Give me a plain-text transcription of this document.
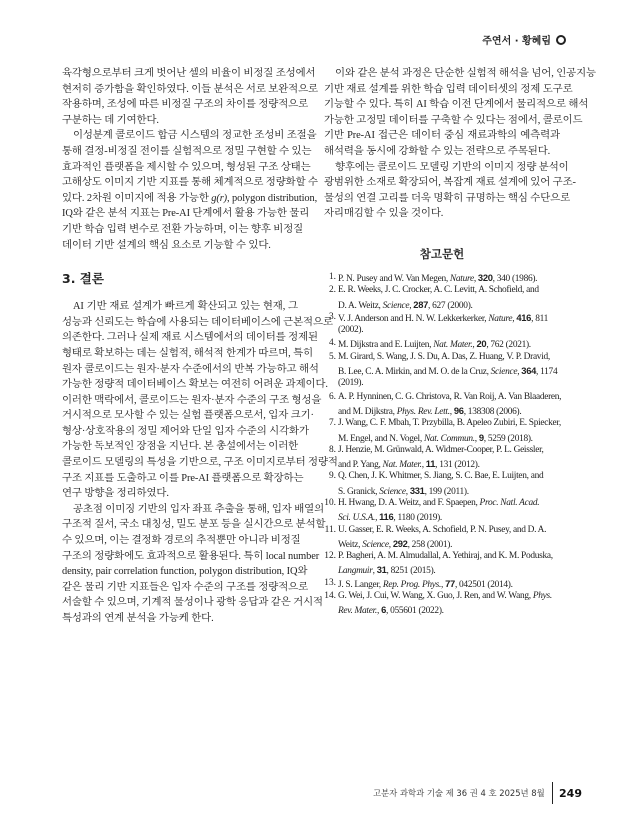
주연서 · 황혜림
육각형으로부터 크게 벗어난 셀의 비율이 비정질 조성에서
현저히 증가함을 확인하였다. 이들 분석은 서로 보완적으로
작용하며, 조성에 따른 비정질 구조의 차이를 정량적으로
구분하는 데 기여한다.
이성분계 콜로이드 합금 시스템의 정교한 조성비 조절을
통해 결정-비정질 전이를 실험적으로 정밀 구현할 수 있는
효과적인 플랫폼을 제시할 수 있으며, 형성된 구조 상태는
고해상도 이미지 기반 지표를 통해 체계적으로 정량화할 수
있다. 2차원 이미지에 적용 가능한 g(r), polygon distribution,
IQ와 같은 분석 지표는 Pre-AI 단계에서 활용 가능한 물리
기반 학습 입력 변수로 전환 가능하며, 이는 향후 비정질
데이터 기반 설계의 핵심 요소로 기능할 수 있다.
3. 결론
AI 기반 재료 설계가 빠르게 확산되고 있는 현재, 그
성능과 신뢰도는 학습에 사용되는 데이터베이스에 근본적으로
의존한다. 그러나 실제 재료 시스템에서의 데이터를 정제된
형태로 확보하는 데는 실험적, 해석적 한계가 따르며, 특히
원자 콜로이드는 원자·분자 수준에서의 반복 가능하고 해석
가능한 정량적 데이터베이스 확보는 여전히 어려운 과제이다.
이러한 맥락에서, 콜로이드는 원자·분자 수준의 구조 형성을
거시적으로 모사할 수 있는 실험 플랫폼으로서, 입자 크기·
형상·상호작용의 정밀 제어와 단일 입자 수준의 시각화가
가능한 독보적인 장점을 지닌다. 본 총설에서는 이러한
콜로이드 모델링의 특성을 기반으로, 구조 이미지로부터 정량적
구조 지표를 도출하고 이를 Pre-AI 플랫폼으로 확장하는
연구 방향을 정리하였다.
공초점 이미징 기반의 입자 좌표 추출을 통해, 입자 배열의
구조적 질서, 국소 대칭성, 밀도 분포 등을 실시간으로 분석할
수 있으며, 이는 결정화 경로의 추적뿐만 아니라 비정질
구조의 정량화에도 효과적으로 활용된다. 특히 local number
density, pair correlation function, polygon distribution, IQ와
같은 물리 기반 지표들은 입자 수준의 구조를 정량적으로
서술할 수 있으며, 기계적 물성이나 광학 응답과 같은 거시적
특성과의 연계 분석을 가능케 한다.
이와 같은 분석 과정은 단순한 실험적 해석을 넘어, 인공지능
기반 재료 설계를 위한 학습 입력 데이터셋의 정제 도구로
기능할 수 있다. 특히 AI 학습 이전 단계에서 물리적으로 해석
가능한 고정밀 데이터를 구축할 수 있다는 점에서, 콜로이드
기반 Pre-AI 접근은 데이터 중심 재료과학의 예측력과
해석력을 동시에 강화할 수 있는 전략으로 주목된다.
향후에는 콜로이드 모델링 기반의 이미지 정량 분석이
광범위한 소재로 확장되어, 복잡계 재료 설계에 있어 구조-
물성의 연결 고리를 더욱 명확히 규명하는 핵심 수단으로
자리매김할 수 있을 것이다.
참고문헌
1. P. N. Pusey and W. Van Megen, Nature, 320, 340 (1986).
2. E. R. Weeks, J. C. Crocker, A. C. Levitt, A. Schofield, and
D. A. Weitz, Science, 287, 627 (2000).
3. V. J. Anderson and H. N. W. Lekkerkerker, Nature, 416, 811
(2002).
4. M. Dijkstra and E. Luijten, Nat. Mater., 20, 762 (2021).
5. M. Girard, S. Wang, J. S. Du, A. Das, Z. Huang, V. P. Dravid,
B. Lee, C. A. Mirkin, and M. O. de la Cruz, Science, 364, 1174
(2019).
6. A. P. Hynninen, C. G. Christova, R. Van Roij, A. Van Blaaderen,
and M. Dijkstra, Phys. Rev. Lett., 96, 138308 (2006).
7. J. Wang, C. F. Mbah, T. Przybilla, B. Apeleo Zubiri, E. Spiecker,
M. Engel, and N. Vogel, Nat. Commun., 9, 5259 (2018).
8. J. Henzie, M. Grünwald, A. Widmer-Cooper, P. L. Geissler,
and P. Yang, Nat. Mater., 11, 131 (2012).
9. Q. Chen, J. K. Whitmer, S. Jiang, S. C. Bae, E. Luijten, and
S. Granick, Science, 331, 199 (2011).
10. H. Hwang, D. A. Weitz, and F. Spaepen, Proc. Natl. Acad.
Sci. U.S.A., 116, 1180 (2019).
11. U. Gasser, E. R. Weeks, A. Schofield, P. N. Pusey, and D. A.
Weitz, Science, 292, 258 (2001).
12. P. Bagheri, A. M. Almudallal, A. Yethiraj, and K. M. Poduska,
Langmuir, 31, 8251 (2015).
13. J. S. Langer, Rep. Prog. Phys., 77, 042501 (2014).
14. G. Wei, J. Cui, W. Wang, X. Guo, J. Ren, and W. Wang, Phys.
Rev. Mater., 6, 055601 (2022).
고분자 과학과 기술 제 36 권 4 호 2025년 8월 249
